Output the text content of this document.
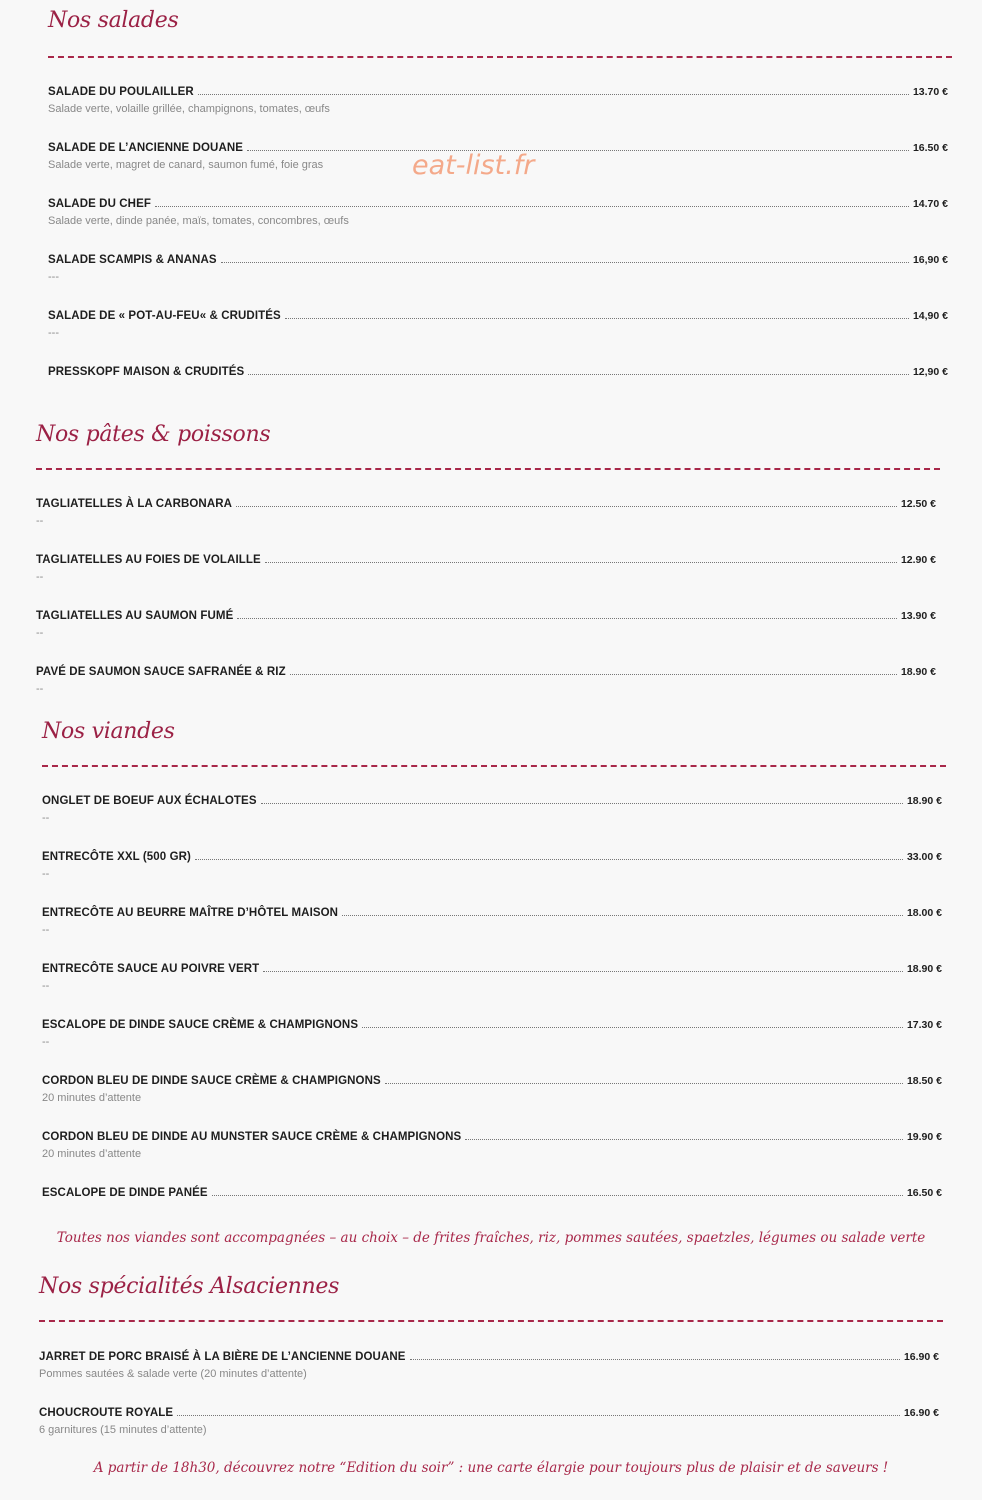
eat-list.fr
Nos salades
SALADE DU POULAILLER	13.70 €
Salade verte, volaille grillée, champignons, tomates, œufs
SALADE DE L’ANCIENNE DOUANE	16.50 €
Salade verte, magret de canard, saumon fumé, foie gras
SALADE DU CHEF	14.70 €
Salade verte, dinde panée, maïs, tomates, concombres, œufs
SALADE SCAMPIS & ANANAS	16,90 €
---
SALADE DE « POT-AU-FEU« & CRUDITÉS	14,90 €
---
PRESSKOPF MAISON & CRUDITÉS	12,90 €
Nos pâtes & poissons
TAGLIATELLES À LA CARBONARA	12.50 €
--
TAGLIATELLES AU FOIES DE VOLAILLE	12.90 €
--
TAGLIATELLES AU SAUMON FUMÉ	13.90 €
--
PAVÉ DE SAUMON SAUCE SAFRANÉE & RIZ	18.90 €
--
Nos viandes
ONGLET DE BOEUF AUX ÉCHALOTES	18.90 €
--
ENTRECÔTE XXL (500 GR)	33.00 €
--
ENTRECÔTE AU BEURRE MAÎTRE D’HÔTEL MAISON	18.00 €
--
ENTRECÔTE SAUCE AU POIVRE VERT	18.90 €
--
ESCALOPE DE DINDE SAUCE CRÈME & CHAMPIGNONS	17.30 €
--
CORDON BLEU DE DINDE SAUCE CRÈME & CHAMPIGNONS	18.50 €
20 minutes d’attente
CORDON BLEU DE DINDE AU MUNSTER SAUCE CRÈME & CHAMPIGNONS	19.90 €
20 minutes d’attente
ESCALOPE DE DINDE PANÉE	16.50 €
Toutes nos viandes sont accompagnées – au choix – de frites fraîches, riz, pommes sautées, spaetzles, légumes ou salade verte
Nos spécialités Alsaciennes
JARRET DE PORC BRAISÉ À LA BIÈRE DE L’ANCIENNE DOUANE	16.90 €
Pommes sautées & salade verte (20 minutes d’attente)
CHOUCROUTE ROYALE	16.90 €
6 garnitures (15 minutes d’attente)
A partir de 18h30, découvrez notre “Edition du soir” : une carte élargie pour toujours plus de plaisir et de saveurs !
